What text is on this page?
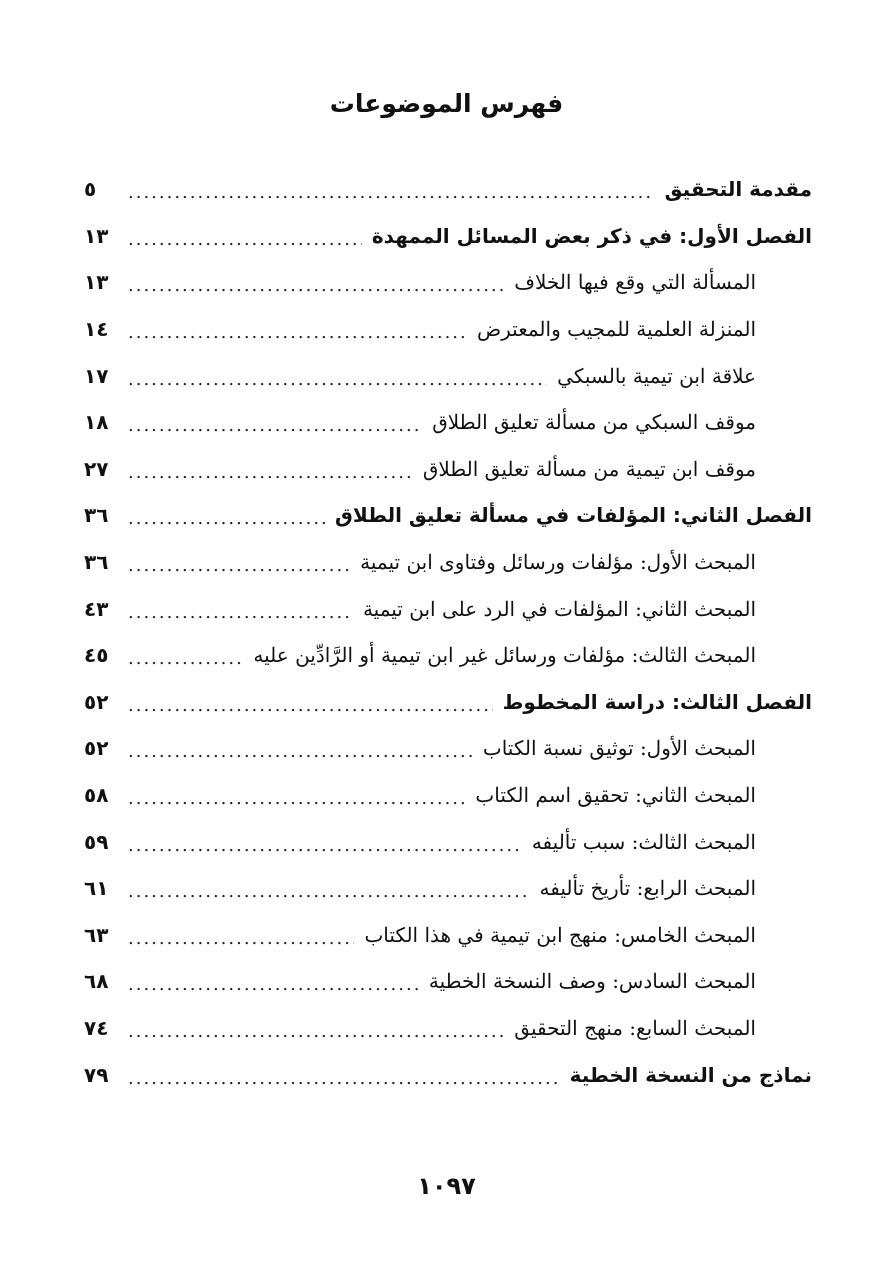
فهرس الموضوعات
مقدمة التحقيق
.....
٥
الفصل الأول: في ذكر بعض المسائل الممهدة
.....
١٣
المسألة التي وقع فيها الخلاف
.....
١٣
المنزلة العلمية للمجيب والمعترض
.....
١٤
علاقة ابن تيمية بالسبكي
.....
١٧
موقف السبكي من مسألة تعليق الطلاق
.....
١٨
موقف ابن تيمية من مسألة تعليق الطلاق
.....
٢٧
الفصل الثاني: المؤلفات في مسألة تعليق الطلاق
.....
٣٦
المبحث الأول: مؤلفات ورسائل وفتاوى ابن تيمية
.....
٣٦
المبحث الثاني: المؤلفات في الرد على ابن تيمية
.....
٤٣
المبحث الثالث: مؤلفات ورسائل غير ابن تيمية أو الرَّادِّين عليه
.....
٤٥
الفصل الثالث: دراسة المخطوط
.....
٥٢
المبحث الأول: توثيق نسبة الكتاب
.....
٥٢
المبحث الثاني: تحقيق اسم الكتاب
.....
٥٨
المبحث الثالث: سبب تأليفه
.....
٥٩
المبحث الرابع: تأريخ تأليفه
.....
٦١
المبحث الخامس: منهج ابن تيمية في هذا الكتاب
.....
٦٣
المبحث السادس: وصف النسخة الخطية
.....
٦٨
المبحث السابع: منهج التحقيق
.....
٧٤
نماذج من النسخة الخطية
.....
٧٩
١٠٩٧
